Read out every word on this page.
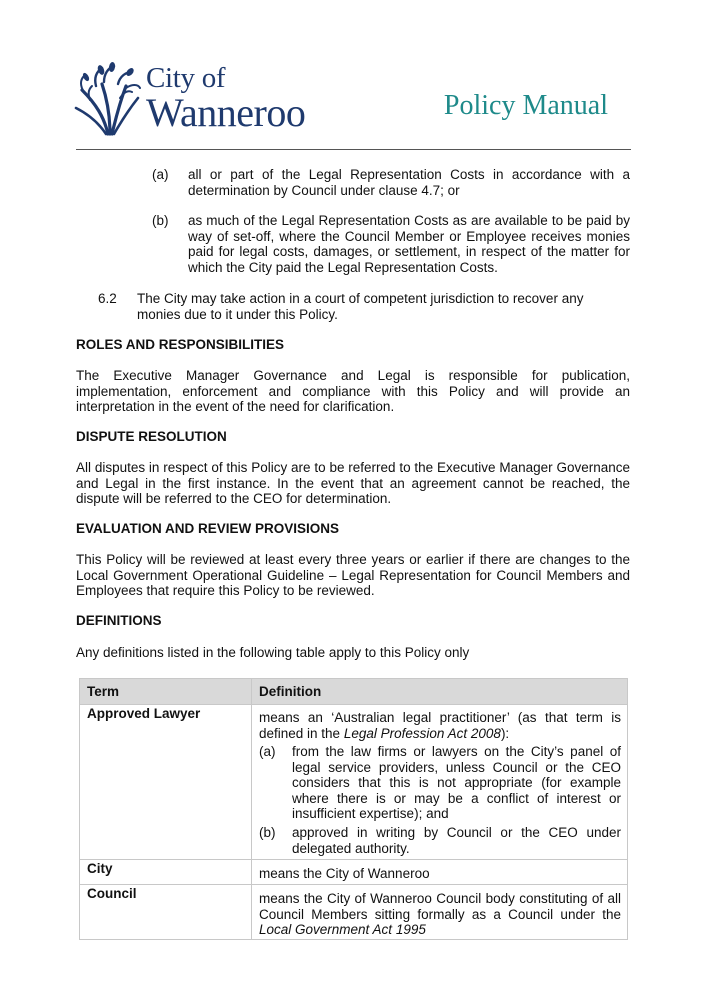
City of
Wanneroo	Policy Manual
(a) all or part of the Legal Representation Costs in accordance with a determination by Council under clause 4.7; or
(b) as much of the Legal Representation Costs as are available to be paid by way of set-off, where the Council Member or Employee receives monies paid for legal costs, damages, or settlement, in respect of the matter for which the City paid the Legal Representation Costs.
6.2 The City may take action in a court of competent jurisdiction to recover any monies due to it under this Policy.
ROLES AND RESPONSIBILITIES
The Executive Manager Governance and Legal is responsible for publication, implementation, enforcement and compliance with this Policy and will provide an interpretation in the event of the need for clarification.
DISPUTE RESOLUTION
All disputes in respect of this Policy are to be referred to the Executive Manager Governance and Legal in the first instance. In the event that an agreement cannot be reached, the dispute will be referred to the CEO for determination.
EVALUATION AND REVIEW PROVISIONS
This Policy will be reviewed at least every three years or earlier if there are changes to the Local Government Operational Guideline – Legal Representation for Council Members and Employees that require this Policy to be reviewed.
DEFINITIONS
Any definitions listed in the following table apply to this Policy only
Term	Definition
Approved Lawyer	means an ‘Australian legal practitioner’ (as that term is defined in the Legal Profession Act 2008):
(a) from the law firms or lawyers on the City’s panel of legal service providers, unless Council or the CEO considers that this is not appropriate (for example where there is or may be a conflict of interest or insufficient expertise); and
(b) approved in writing by Council or the CEO under delegated authority.
City	means the City of Wanneroo
Council	means the City of Wanneroo Council body constituting of all Council Members sitting formally as a Council under the Local Government Act 1995
